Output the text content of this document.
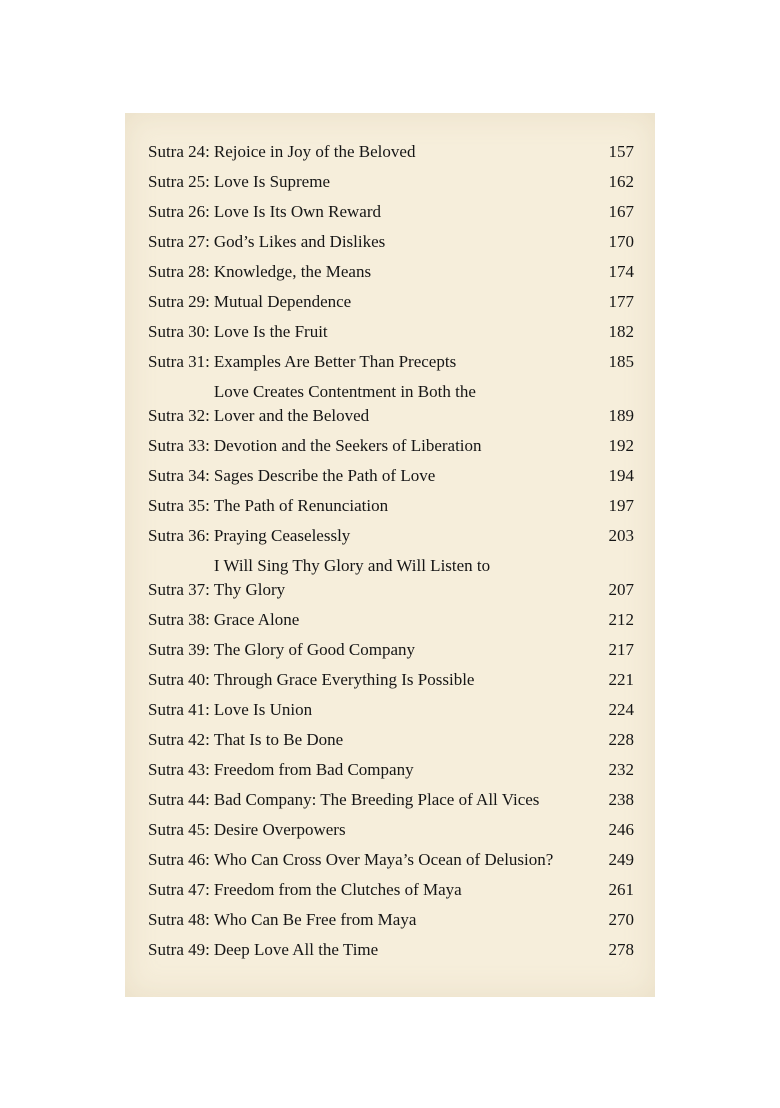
Sutra 24: Rejoice in Joy of the Beloved	157
Sutra 25: Love Is Supreme	162
Sutra 26: Love Is Its Own Reward	167
Sutra 27: God’s Likes and Dislikes	170
Sutra 28: Knowledge, the Means	174
Sutra 29: Mutual Dependence	177
Sutra 30: Love Is the Fruit	182
Sutra 31: Examples Are Better Than Precepts	185
Sutra 32:
Love Creates Contentment in Both the
Lover and the Beloved	189
Sutra 33: Devotion and the Seekers of Liberation	192
Sutra 34: Sages Describe the Path of Love	194
Sutra 35: The Path of Renunciation	197
Sutra 36: Praying Ceaselessly	203
Sutra 37:
I Will Sing Thy Glory and Will Listen to
Thy Glory	207
Sutra 38: Grace Alone	212
Sutra 39: The Glory of Good Company	217
Sutra 40: Through Grace Everything Is Possible	221
Sutra 41: Love Is Union	224
Sutra 42: That Is to Be Done	228
Sutra 43: Freedom from Bad Company	232
Sutra 44: Bad Company: The Breeding Place of All Vices	238
Sutra 45: Desire Overpowers	246
Sutra 46: Who Can Cross Over Maya’s Ocean of Delusion?	249
Sutra 47: Freedom from the Clutches of Maya	261
Sutra 48: Who Can Be Free from Maya	270
Sutra 49: Deep Love All the Time	278
